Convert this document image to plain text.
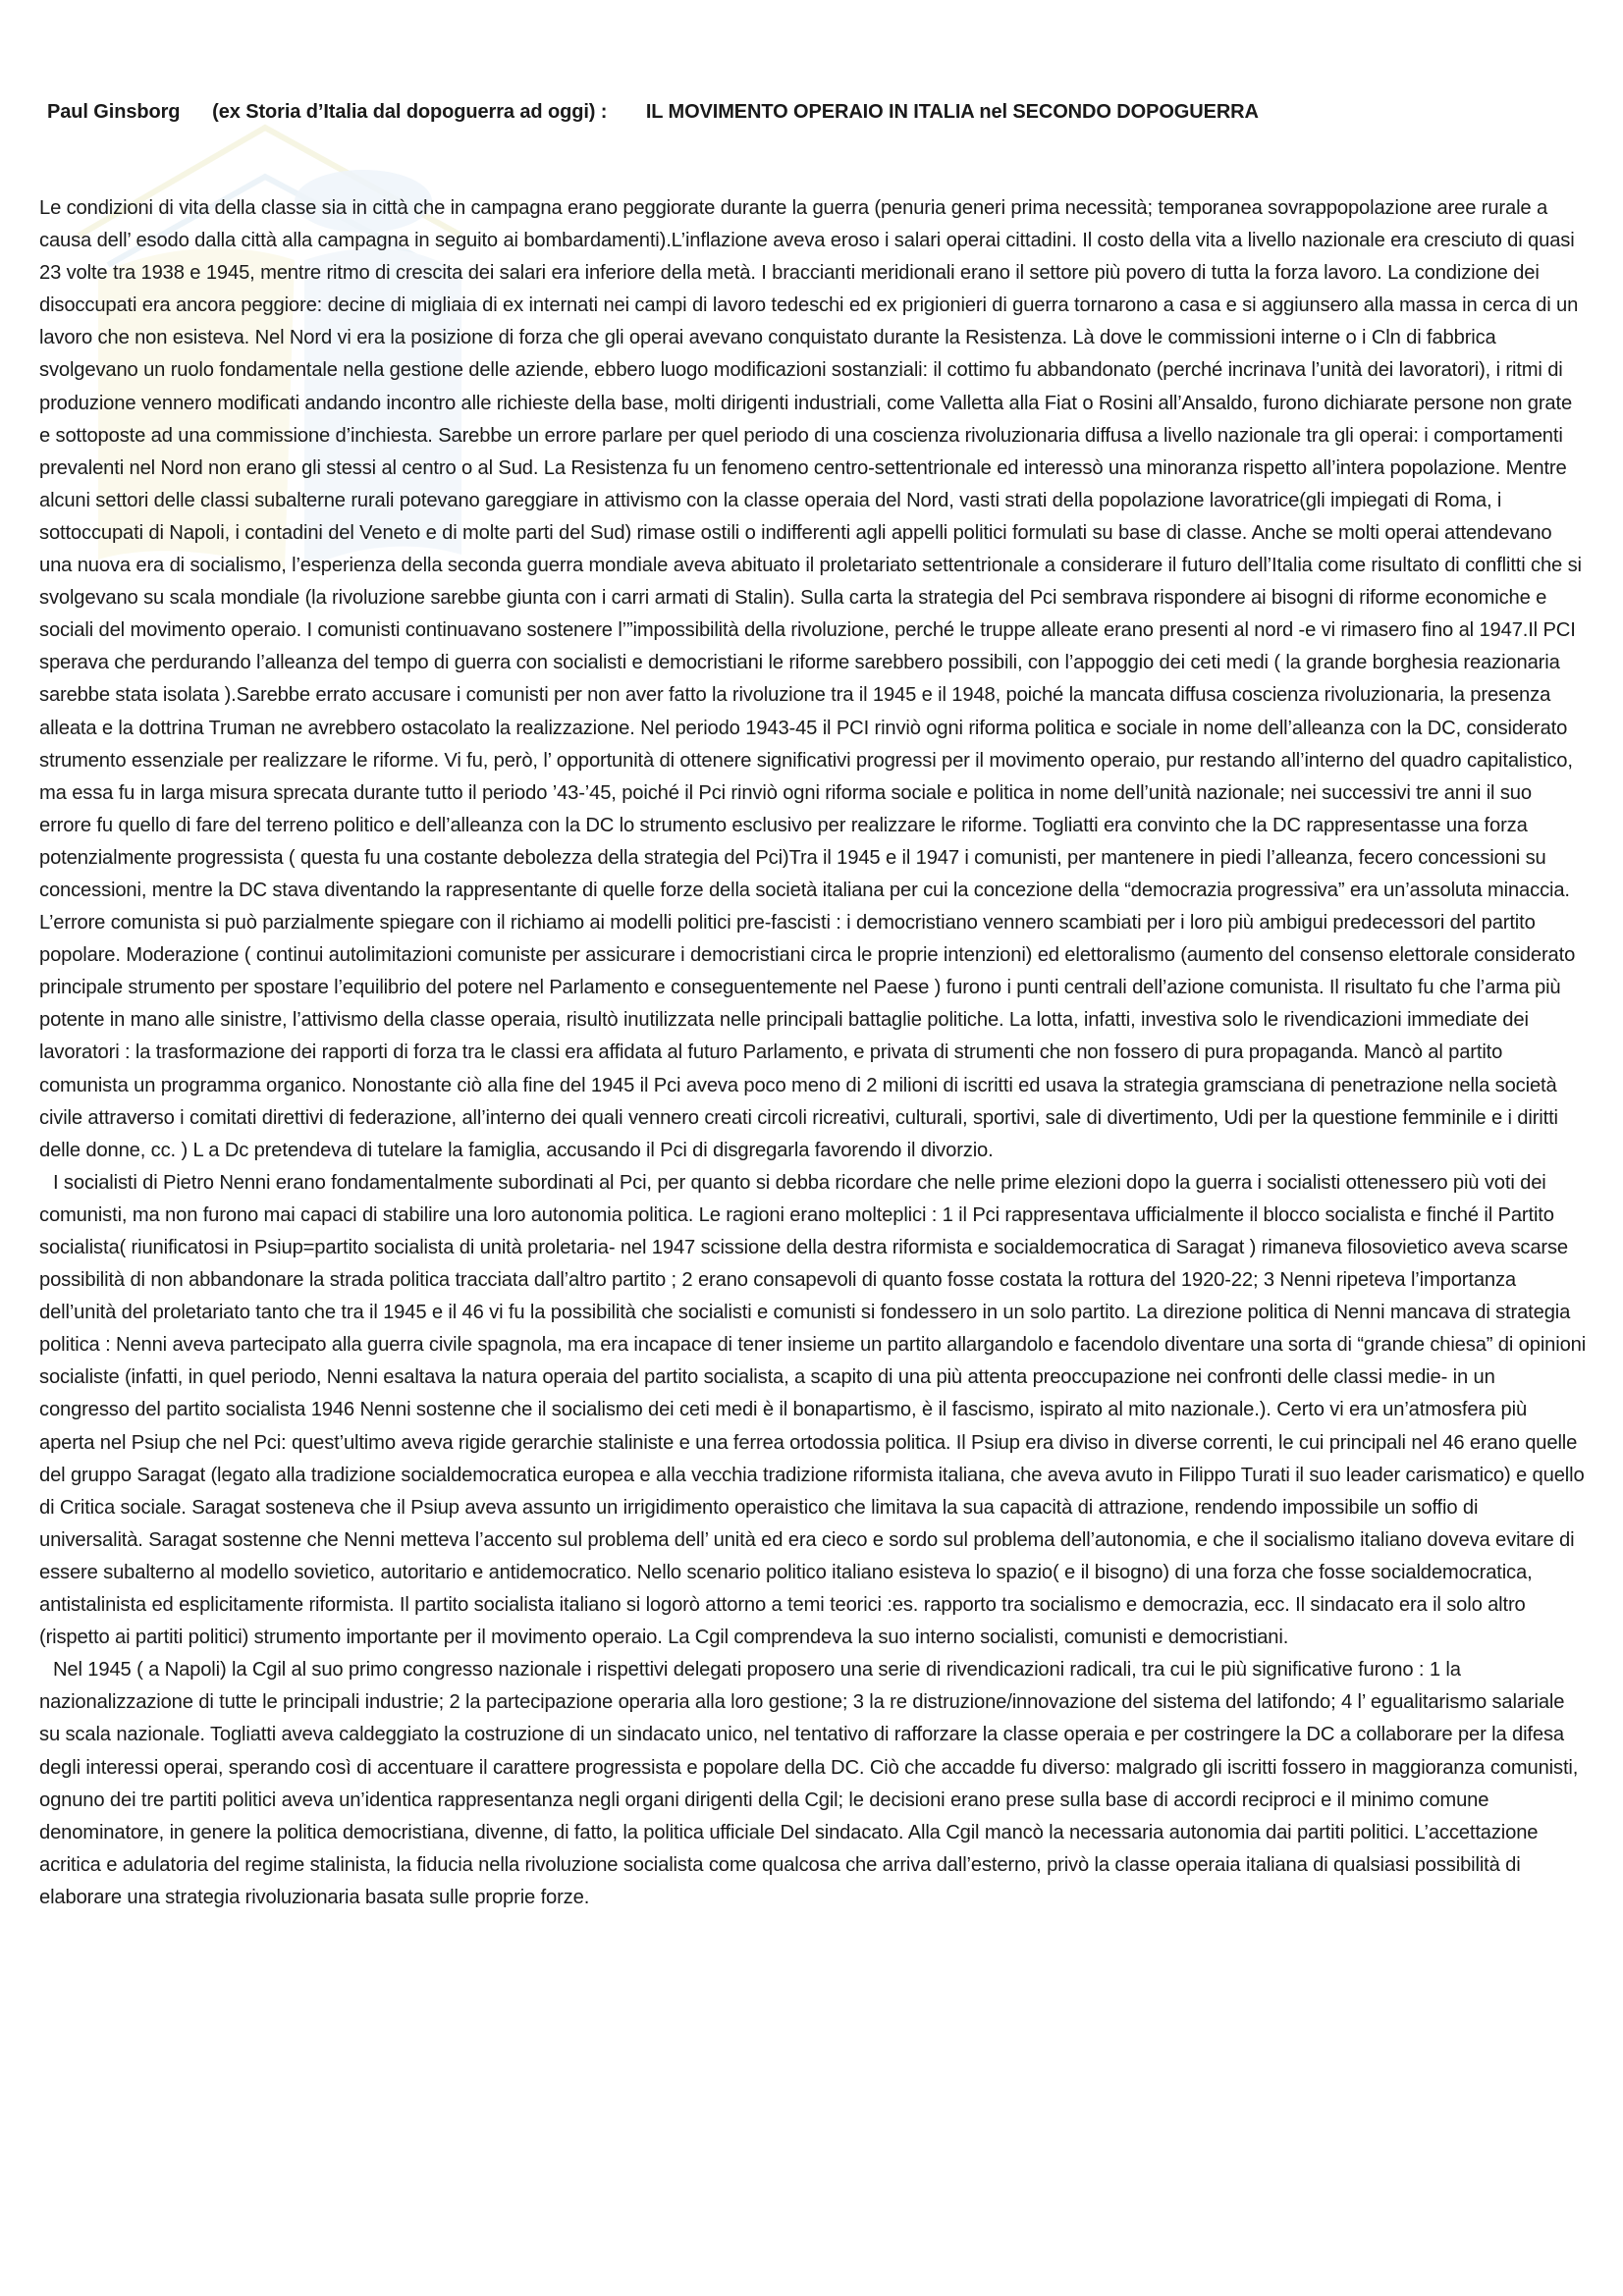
Paul Ginsborg (ex Storia d’Italia dal dopoguerra ad oggi) : IL MOVIMENTO OPERAIO IN ITALIA nel SECONDO DOPOGUERRA

Le condizioni di vita della classe sia in città che in campagna erano peggiorate durante la guerra (penuria generi prima necessità; temporanea sovrappopolazione aree rurale a causa dell’ esodo dalla città alla campagna in seguito ai bombardamenti).L’inflazione aveva eroso i salari operai cittadini. Il costo della vita a livello nazionale era cresciuto di quasi 23 volte tra 1938 e 1945, mentre ritmo di crescita dei salari era inferiore della metà. I braccianti meridionali erano il settore più povero di tutta la forza lavoro. La condizione dei disoccupati era ancora peggiore: decine di migliaia di ex internati nei campi di lavoro tedeschi ed ex prigionieri di guerra tornarono a casa e si aggiunsero alla massa in cerca di un lavoro che non esisteva. Nel Nord vi era la posizione di forza che gli operai avevano conquistato durante la Resistenza. Là dove le commissioni interne o i Cln di fabbrica svolgevano un ruolo fondamentale nella gestione delle aziende, ebbero luogo modificazioni sostanziali: il cottimo fu abbandonato (perché incrinava l’unità dei lavoratori), i ritmi di produzione vennero modificati andando incontro alle richieste della base, molti dirigenti industriali, come Valletta alla Fiat o Rosini all’Ansaldo, furono dichiarate persone non grate e sottoposte ad una commissione d’inchiesta. Sarebbe un errore parlare per quel periodo di una coscienza rivoluzionaria diffusa a livello nazionale tra gli operai: i comportamenti prevalenti nel Nord non erano gli stessi al centro o al Sud. La Resistenza fu un fenomeno centro-settentrionale ed interessò una minoranza rispetto all’intera popolazione. Mentre alcuni settori delle classi subalterne rurali potevano gareggiare in attivismo con la classe operaia del Nord, vasti strati della popolazione lavoratrice(gli impiegati di Roma, i sottoccupati di Napoli, i contadini del Veneto e di molte parti del Sud) rimase ostili o indifferenti agli appelli politici formulati su base di classe. Anche se molti operai attendevano una nuova era di socialismo, l’esperienza della seconda guerra mondiale aveva abituato il proletariato settentrionale a considerare il futuro dell’Italia come risultato di conflitti che si svolgevano su scala mondiale (la rivoluzione sarebbe giunta con i carri armati di Stalin). Sulla carta la strategia del Pci sembrava rispondere ai bisogni di riforme economiche e sociali del movimento operaio. I comunisti continuavano sostenere l’”impossibilità della rivoluzione, perché le truppe alleate erano presenti al nord -e vi rimasero fino al 1947.Il PCI sperava che perdurando l’alleanza del tempo di guerra con socialisti e democristiani le riforme sarebbero possibili, con l’appoggio dei ceti medi ( la grande borghesia reazionaria sarebbe stata isolata ).Sarebbe errato accusare i comunisti per non aver fatto la rivoluzione tra il 1945 e il 1948, poiché la mancata diffusa coscienza rivoluzionaria, la presenza alleata e la dottrina Truman ne avrebbero ostacolato la realizzazione. Nel periodo 1943-45 il PCI rinviò ogni riforma politica e sociale in nome dell’alleanza con la DC, considerato strumento essenziale per realizzare le riforme. Vi fu, però, l’ opportunità di ottenere significativi progressi per il movimento operaio, pur restando all’interno del quadro capitalistico, ma essa fu in larga misura sprecata durante tutto il periodo ’43-’45, poiché il Pci rinviò ogni riforma sociale e politica in nome dell’unità nazionale; nei successivi tre anni il suo errore fu quello di fare del terreno politico e dell’alleanza con la DC lo strumento esclusivo per realizzare le riforme. Togliatti era convinto che la DC rappresentasse una forza potenzialmente progressista ( questa fu una costante debolezza della strategia del Pci)Tra il 1945 e il 1947 i comunisti, per mantenere in piedi l’alleanza, fecero concessioni su concessioni, mentre la DC stava diventando la rappresentante di quelle forze della società italiana per cui la concezione della “democrazia progressiva” era un’assoluta minaccia. L’errore comunista si può parzialmente spiegare con il richiamo ai modelli politici pre-fascisti : i democristiano vennero scambiati per i loro più ambigui predecessori del partito popolare. Moderazione ( continui autolimitazioni comuniste per assicurare i democristiani circa le proprie intenzioni) ed elettoralismo (aumento del consenso elettorale considerato principale strumento per spostare l’equilibrio del potere nel Parlamento e conseguentemente nel Paese ) furono i punti centrali dell’azione comunista. Il risultato fu che l’arma più potente in mano alle sinistre, l’attivismo della classe operaia, risultò inutilizzata nelle principali battaglie politiche. La lotta, infatti, investiva solo le rivendicazioni immediate dei lavoratori : la trasformazione dei rapporti di forza tra le classi era affidata al futuro Parlamento, e privata di strumenti che non fossero di pura propaganda. Mancò al partito comunista un programma organico. Nonostante ciò alla fine del 1945 il Pci aveva poco meno di 2 milioni di iscritti ed usava la strategia gramsciana di penetrazione nella società civile attraverso i comitati direttivi di federazione, all’interno dei quali vennero creati circoli ricreativi, culturali, sportivi, sale di divertimento, Udi per la questione femminile e i diritti delle donne, cc. ) L a Dc pretendeva di tutelare la famiglia, accusando il Pci di disgregarla favorendo il divorzio.

I socialisti di Pietro Nenni erano fondamentalmente subordinati al Pci, per quanto si debba ricordare che nelle prime elezioni dopo la guerra i socialisti ottenessero più voti dei comunisti, ma non furono mai capaci di stabilire una loro autonomia politica. Le ragioni erano molteplici : 1 il Pci rappresentava ufficialmente il blocco socialista e finché il Partito socialista( riunificatosi in Psiup=partito socialista di unità proletaria- nel 1947 scissione della destra riformista e socialdemocratica di Saragat ) rimaneva filosovietico aveva scarse possibilità di non abbandonare la strada politica tracciata dall’altro partito ; 2 erano consapevoli di quanto fosse costata la rottura del 1920-22; 3 Nenni ripeteva l’importanza dell’unità del proletariato tanto che tra il 1945 e il 46 vi fu la possibilità che socialisti e comunisti si fondessero in un solo partito. La direzione politica di Nenni mancava di strategia politica : Nenni aveva partecipato alla guerra civile spagnola, ma era incapace di tener insieme un partito allargandolo e facendolo diventare una sorta di “grande chiesa” di opinioni socialiste (infatti, in quel periodo, Nenni esaltava la natura operaia del partito socialista, a scapito di una più attenta preoccupazione nei confronti delle classi medie- in un congresso del partito socialista 1946 Nenni sostenne che il socialismo dei ceti medi è il bonapartismo, è il fascismo, ispirato al mito nazionale.). Certo vi era un’atmosfera più aperta nel Psiup che nel Pci: quest’ultimo aveva rigide gerarchie staliniste e una ferrea ortodossia politica. Il Psiup era diviso in diverse correnti, le cui principali nel 46 erano quelle del gruppo Saragat (legato alla tradizione socialdemocratica europea e alla vecchia tradizione riformista italiana, che aveva avuto in Filippo Turati il suo leader carismatico) e quello di Critica sociale. Saragat sosteneva che il Psiup aveva assunto un irrigidimento operaistico che limitava la sua capacità di attrazione, rendendo impossibile un soffio di universalità. Saragat sostenne che Nenni metteva l’accento sul problema dell’ unità ed era cieco e sordo sul problema dell’autonomia, e che il socialismo italiano doveva evitare di essere subalterno al modello sovietico, autoritario e antidemocratico. Nello scenario politico italiano esisteva lo spazio( e il bisogno) di una forza che fosse socialdemocratica, antistalinista ed esplicitamente riformista. Il partito socialista italiano si logorò attorno a temi teorici :es. rapporto tra socialismo e democrazia, ecc. Il sindacato era il solo altro (rispetto ai partiti politici) strumento importante per il movimento operaio. La Cgil comprendeva la suo interno socialisti, comunisti e democristiani.

Nel 1945 ( a Napoli) la Cgil al suo primo congresso nazionale i rispettivi delegati proposero una serie di rivendicazioni radicali, tra cui le più significative furono : 1 la nazionalizzazione di tutte le principali industrie; 2 la partecipazione operaria alla loro gestione; 3 la re distruzione/innovazione del sistema del latifondo; 4 l’ egualitarismo salariale su scala nazionale. Togliatti aveva caldeggiato la costruzione di un sindacato unico, nel tentativo di rafforzare la classe operaia e per costringere la DC a collaborare per la difesa degli interessi operai, sperando così di accentuare il carattere progressista e popolare della DC. Ciò che accadde fu diverso: malgrado gli iscritti fossero in maggioranza comunisti, ognuno dei tre partiti politici aveva un’identica rappresentanza negli organi dirigenti della Cgil; le decisioni erano prese sulla base di accordi reciproci e il minimo comune denominatore, in genere la politica democristiana, divenne, di fatto, la politica ufficiale Del sindacato. Alla Cgil mancò la necessaria autonomia dai partiti politici. L’accettazione acritica e adulatoria del regime stalinista, la fiducia nella rivoluzione socialista come qualcosa che arriva dall’esterno, privò la classe operaia italiana di qualsiasi possibilità di elaborare una strategia rivoluzionaria basata sulle proprie forze.
